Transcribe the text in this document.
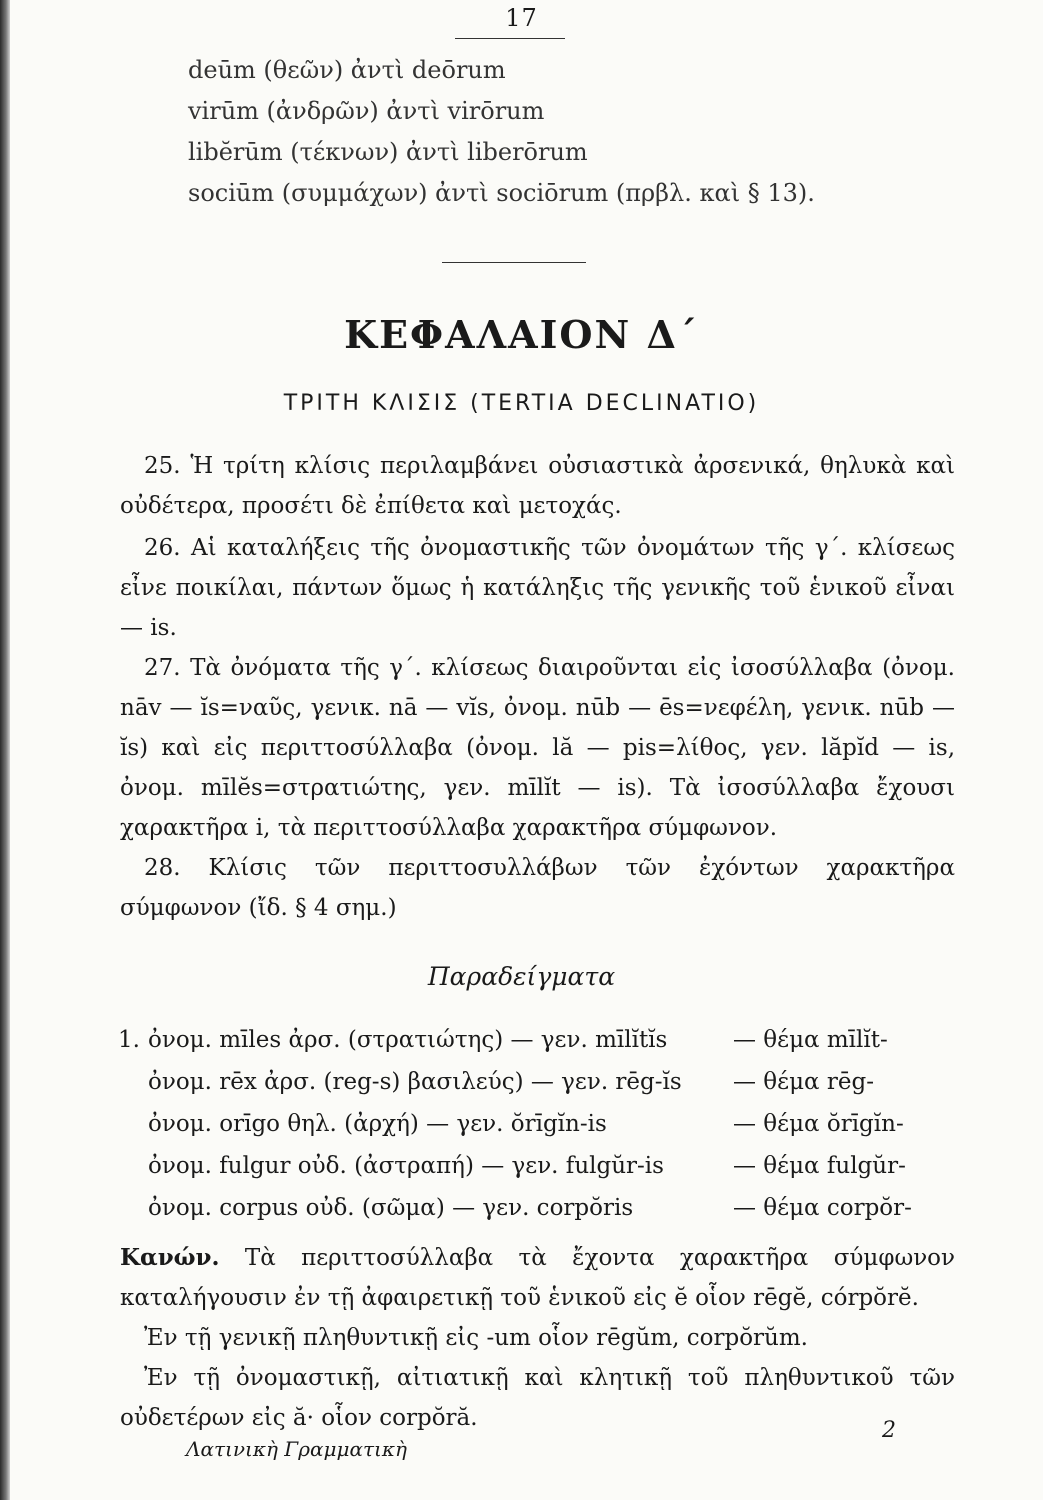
17
deūm (θεῶν) ἀντὶ deōrum
virūm (ἀνδρῶν) ἀντὶ virōrum
libĕrūm (τέκνων) ἀντὶ liberōrum
sociūm (συμμάχων) ἀντὶ sociōrum (πρβλ. καὶ § 13).
ΚΕΦΑΛΑΙΟΝ Δ΄
ΤΡΙΤΗ ΚΛΙΣΙΣ (TERTIA DECLINATIO)
25. Ἡ τρίτη κλίσις περιλαμβάνει οὐσιαστικὰ ἀρσενικά, θηλυκὰ καὶ οὐδέτερα, προσέτι δὲ ἐπίθετα καὶ μετοχάς.
26. Αἱ καταλήξεις τῆς ὀνομαστικῆς τῶν ὀνομάτων τῆς γ΄. κλίσεως εἶνε ποικίλαι, πάντων ὅμως ἡ κατάληξις τῆς γενικῆς τοῦ ἑνικοῦ εἶναι — is.
27. Τὰ ὀνόματα τῆς γ΄. κλίσεως διαιροῦνται εἰς ἰσοσύλλαβα (ὀνομ. nāv — ĭs=ναῦς, γενικ. nā — vĭs, ὀνομ. nūb — ēs=νεφέλη, γενικ. nūb — ĭs) καὶ εἰς περιττοσύλλαβα (ὀνομ. lă — pis=λίθος, γεν. lăpĭd — is, ὀνομ. mīlĕs=στρατιώτης, γεν. mīlĭt — is). Τὰ ἰσοσύλλαβα ἔχουσι χαρακτῆρα i, τὰ περιττοσύλλαβα χαρακτῆρα σύμφωνον.
28. Κλίσις τῶν περιττοσυλλάβων τῶν ἐχόντων χαρακτῆρα σύμφωνον (ἴδ. § 4 σημ.)
Παραδείγματα
1. ὀνομ. mīles ἀρσ. (στρατιώτης) — γεν. mīlĭtĭs	— θέμα mīlĭt-
ὀνομ. rēx ἀρσ. (reg-s) βασιλεύς) — γεν. rēg-ĭs — θέμα rēg-
ὀνομ. orīgo θηλ. (ἀρχή) — γεν. ŏrīgĭn-is	— θέμα ŏrīgĭn-
ὀνομ. fulgur οὐδ. (ἀστραπή) — γεν. fulgŭr-is	— θέμα fulgŭr-
ὀνομ. corpus οὐδ. (σῶμα) — γεν. corpŏris	— θέμα corpŏr-
Κανών. Τὰ περιττοσύλλαβα τὰ ἔχοντα χαρακτῆρα σύμφωνον καταλήγουσιν ἐν τῇ ἀφαιρετικῇ τοῦ ἑνικοῦ εἰς ĕ οἷον rēgĕ, córpŏrĕ.
Ἐν τῇ γενικῇ πληθυντικῇ εἰς -um οἷον rēgŭm, corpŏrŭm.
Ἐν τῇ ὀνομαστικῇ, αἰτιατικῇ καὶ κλητικῇ τοῦ πληθυντικοῦ τῶν οὐδετέρων εἰς ă· οἷον corpŏră.
Λατινικὴ Γραμματικὴ
2
